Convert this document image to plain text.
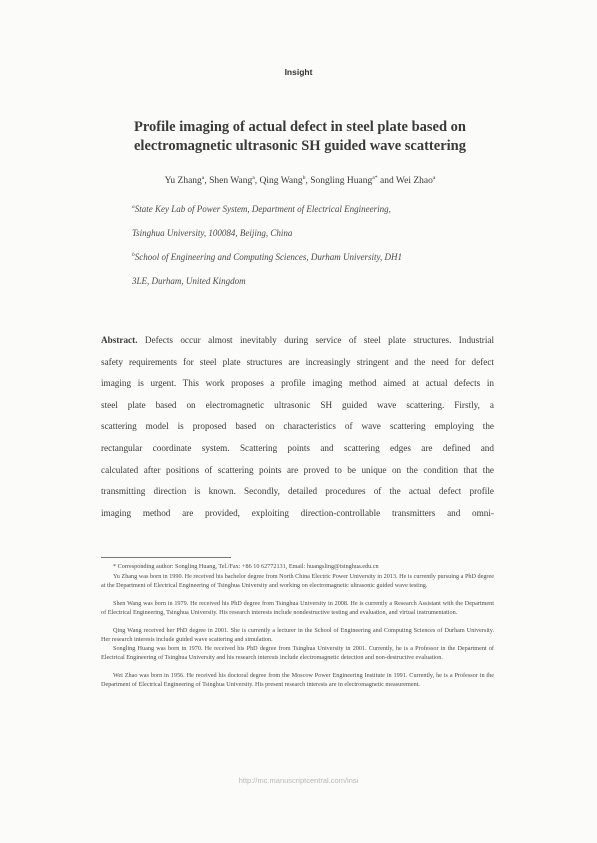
Insight
Profile imaging of actual defect in steel plate based on electromagnetic ultrasonic SH guided wave scattering
Yu Zhang$^a$, Shen Wang$^a$, Qing Wang$^b$, Songling Huang$^{a*}$ and Wei Zhao$^a$
$^a$State Key Lab of Power System, Department of Electrical Engineering,
Tsinghua University, 100084, Beijing, China
$^b$School of Engineering and Computing Sciences, Durham University, DH1
3LE, Durham, United Kingdom
Abstract. Defects occur almost inevitably during service of steel plate structures. Industrial
safety requirements for steel plate structures are increasingly stringent and the need for defect
imaging is urgent. This work proposes a profile imaging method aimed at actual defects in
steel plate based on electromagnetic ultrasonic SH guided wave scattering. Firstly, a
scattering model is proposed based on characteristics of wave scattering employing the
rectangular coordinate system. Scattering points and scattering edges are defined and
calculated after positions of scattering points are proved to be unique on the condition that the
transmitting direction is known. Secondly, detailed procedures of the actual defect profile
imaging method are provided, exploiting direction-controllable transmitters and omni-
* Corresponding author: Songling Huang, Tel./Fax: +86 10 62772131, Email: huangsling@tsinghua.edu.cn
Yu Zhang was born in 1990. He received his bachelor degree from North China Electric Power University in 2013. He is currently pursuing a PhD degree at the Department of Electrical Engineering of Tsinghua University and working on electromagnetic ultrasonic guided wave testing.
Shen Wang was born in 1979. He received his PhD degree from Tsinghua University in 2008. He is currently a Research Assistant with the Department of Electrical Engineering, Tsinghua University. His research interests include nondestructive testing and evaluation, and virtual instrumentation.
Qing Wang received her PhD degree in 2001. She is currently a lecturer in the School of Engineering and Computing Sciences of Durham University. Her research interests include guided wave scattering and simulation.
Songling Huang was born in 1970. He received his PhD degree from Tsinghua University in 2001. Currently, he is a Professor in the Department of Electrical Engineering of Tsinghua University and his research interests include electromagnetic detection and non-destructive evaluation.
Wei Zhao was born in 1956. He received his doctoral degree from the Moscow Power Engineering Institute in 1991. Currently, he is a Professor in the Department of Electrical Engineering of Tsinghua University. His present research interests are in electromagnetic measurement.
http://mc.manuscriptcentral.com/insi
